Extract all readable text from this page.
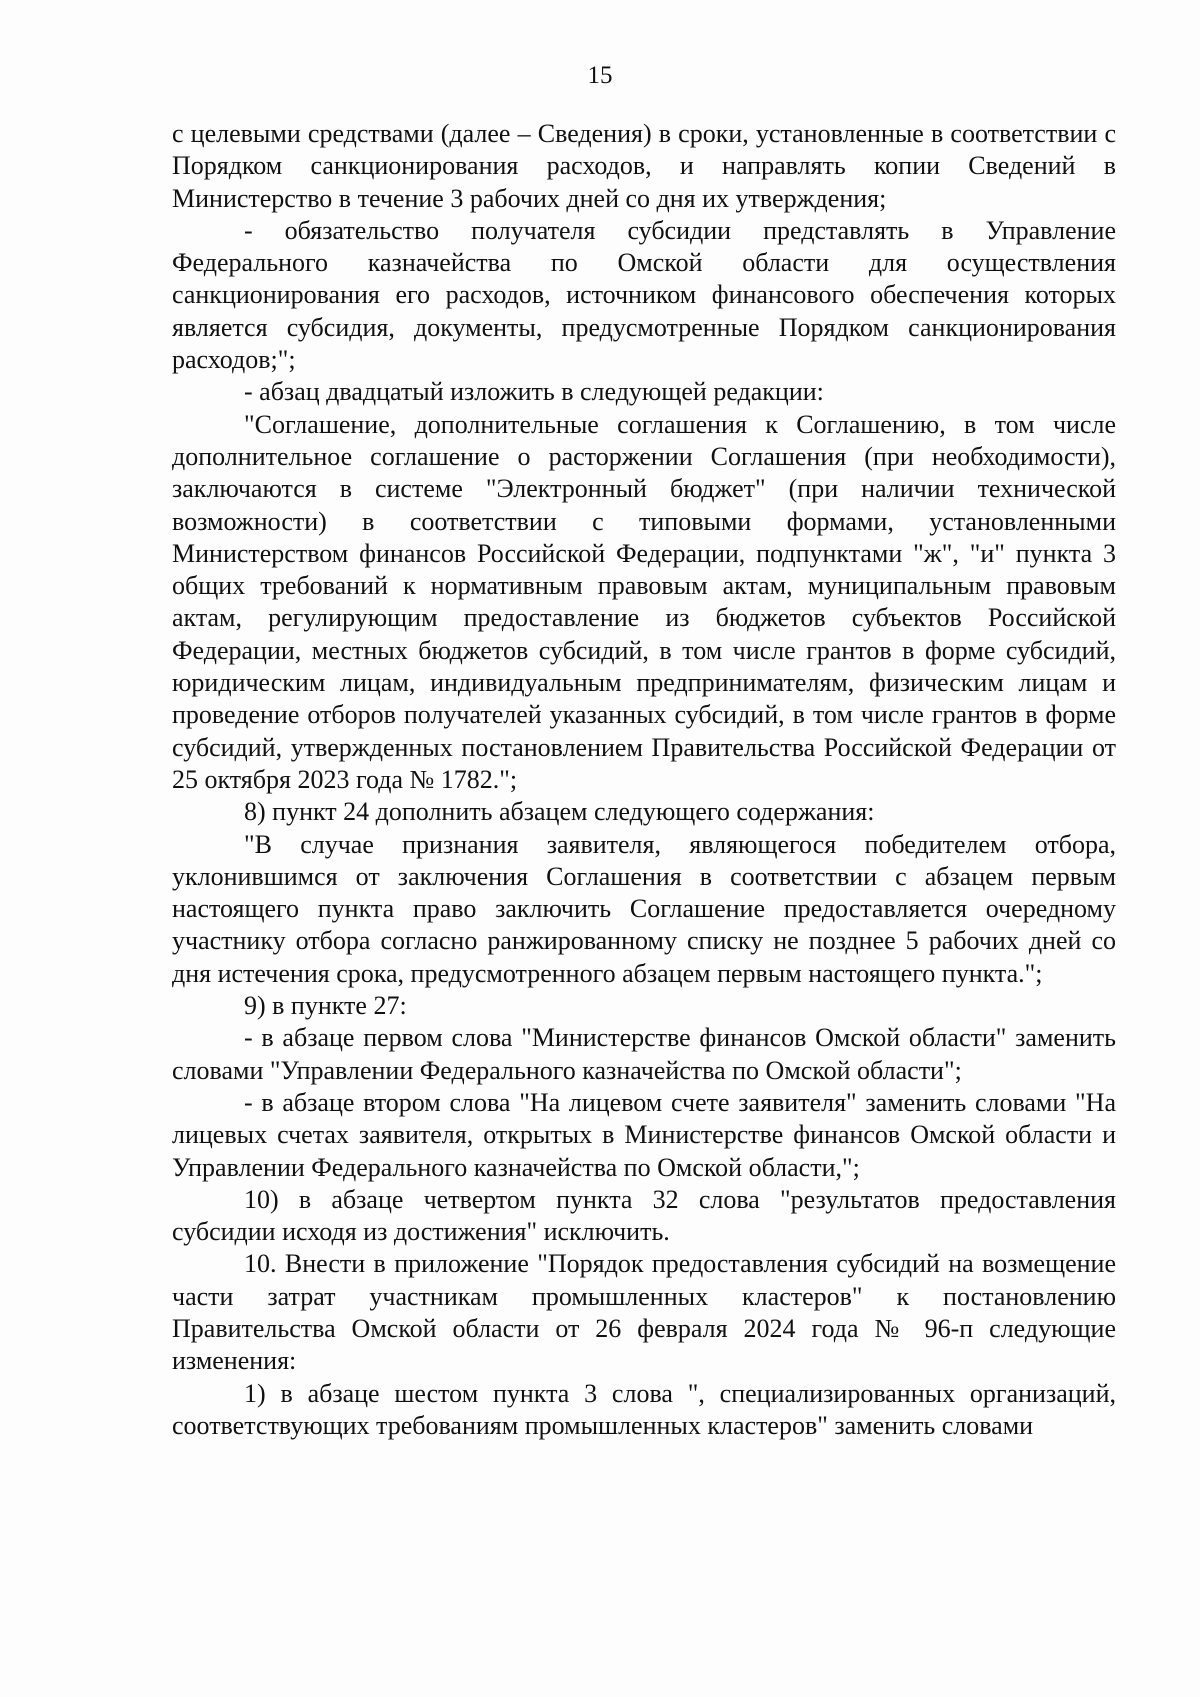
15

с целевыми средствами (далее – Сведения) в сроки, установленные в соответствии с Порядком санкционирования расходов, и направлять копии Сведений в Министерство в течение 3 рабочих дней со дня их утверждения;

- обязательство получателя субсидии представлять в Управление Федерального казначейства по Омской области для осуществления санкционирования его расходов, источником финансового обеспечения которых является субсидия, документы, предусмотренные Порядком санкционирования расходов;";

- абзац двадцатый изложить в следующей редакции:

"Соглашение, дополнительные соглашения к Соглашению, в том числе дополнительное соглашение о расторжении Соглашения (при необходимости), заключаются в системе "Электронный бюджет" (при наличии технической возможности) в соответствии с типовыми формами, установленными Министерством финансов Российской Федерации, подпунктами "ж", "и" пункта 3 общих требований к нормативным правовым актам, муниципальным правовым актам, регулирующим предоставление из бюджетов субъектов Российской Федерации, местных бюджетов субсидий, в том числе грантов в форме субсидий, юридическим лицам, индивидуальным предпринимателям, физическим лицам и проведение отборов получателей указанных субсидий, в том числе грантов в форме субсидий, утвержденных постановлением Правительства Российской Федерации от 25 октября 2023 года № 1782.";

8) пункт 24 дополнить абзацем следующего содержания:

"В случае признания заявителя, являющегося победителем отбора, уклонившимся от заключения Соглашения в соответствии с абзацем первым настоящего пункта право заключить Соглашение предоставляется очередному участнику отбора согласно ранжированному списку не позднее 5 рабочих дней со дня истечения срока, предусмотренного абзацем первым настоящего пункта.";

9) в пункте 27:

- в абзаце первом слова "Министерстве финансов Омской области" заменить словами "Управлении Федерального казначейства по Омской области";

- в абзаце втором слова "На лицевом счете заявителя" заменить словами "На лицевых счетах заявителя, открытых в Министерстве финансов Омской области и Управлении Федерального казначейства по Омской области,";

10) в абзаце четвертом пункта 32 слова "результатов предоставления субсидии исходя из достижения" исключить.

10. Внести в приложение "Порядок предоставления субсидий на возмещение части затрат участникам промышленных кластеров" к постановлению Правительства Омской области от 26 февраля 2024 года № 96-п следующие изменения:

1) в абзаце шестом пункта 3 слова ", специализированных организаций, соответствующих требованиям промышленных кластеров" заменить словами
